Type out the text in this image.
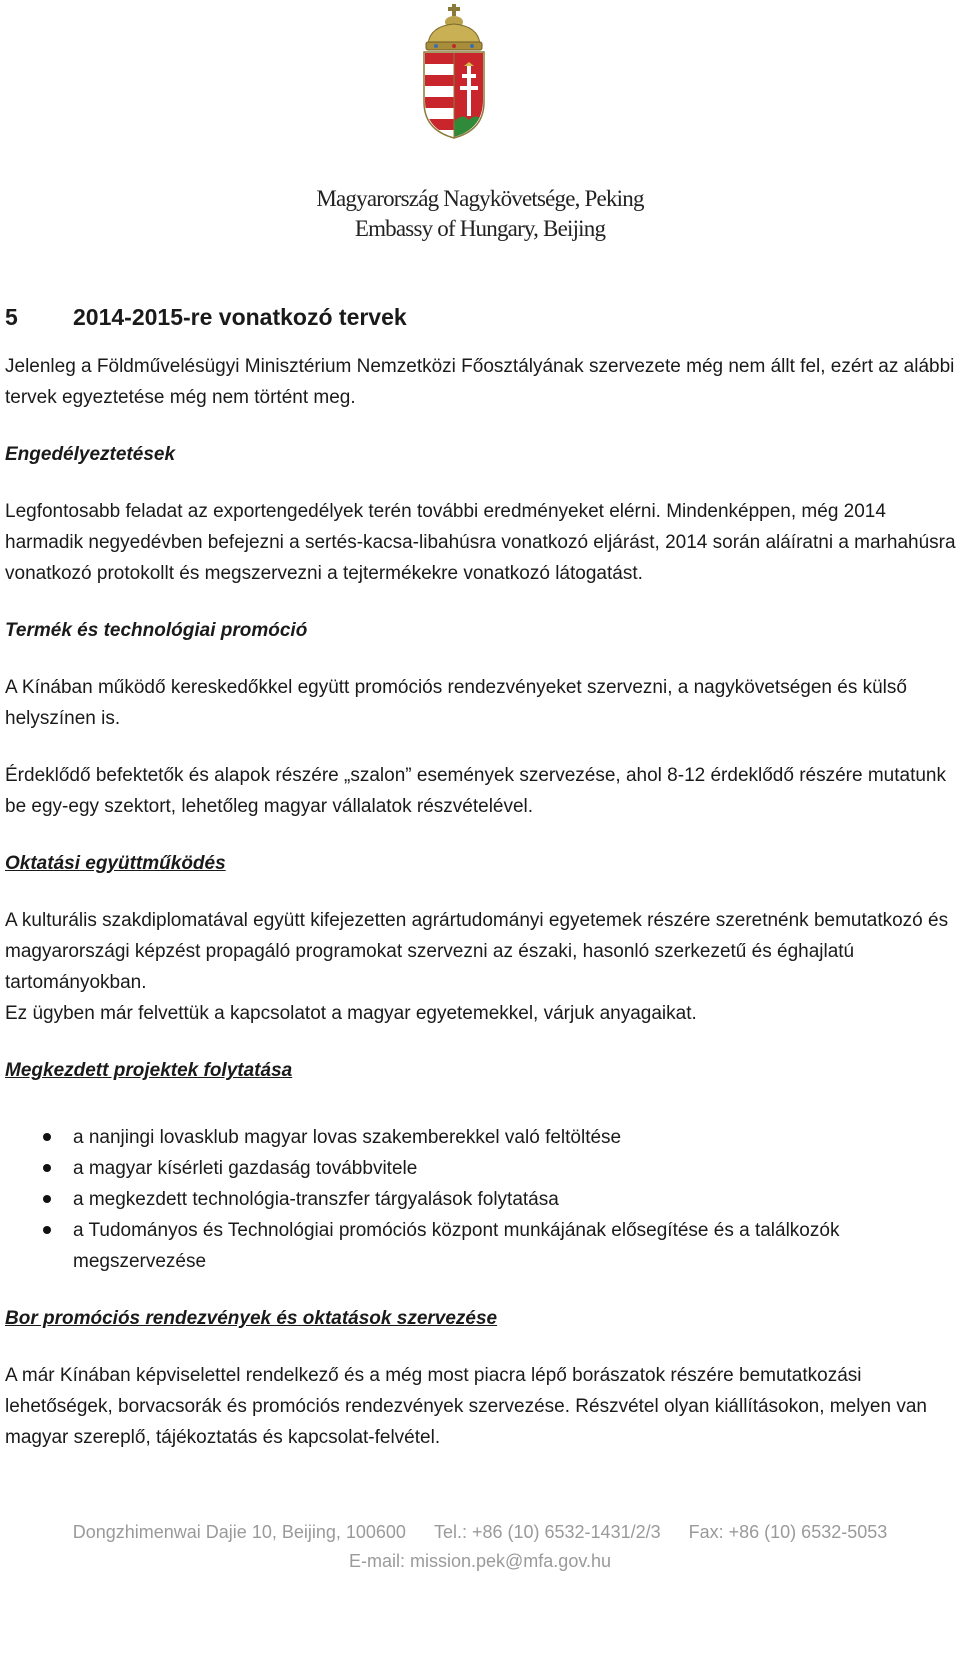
Magyarország Nagykövetsége, Peking
Embassy of Hungary, Beijing
5	2014-2015-re vonatkozó tervek

Jelenleg a Földművelésügyi Minisztérium Nemzetközi Főosztályának szervezete még nem állt fel, ezért az alábbi tervek egyeztetése még nem történt meg.

Engedélyeztetések

Legfontosabb feladat az exportengedélyek terén további eredményeket elérni. Mindenképpen, még 2014 harmadik negyedévben befejezni a sertés-kacsa-libahúsra vonatkozó eljárást, 2014 során aláíratni a marhahúsra vonatkozó protokollt és megszervezni a tejtermékekre vonatkozó látogatást.

Termék és technológiai promóció

A Kínában működő kereskedőkkel együtt promóciós rendezvényeket szervezni, a nagykövetségen és külső helyszínen is.

Érdeklődő befektetők és alapok részére „szalon” események szervezése, ahol 8-12 érdeklődő részére mutatunk be egy-egy szektort, lehetőleg magyar vállalatok részvételével.

Oktatási együttműködés

A kulturális szakdiplomatával együtt kifejezetten agrártudományi egyetemek részére szeretnénk bemutatkozó és magyarországi képzést propagáló programokat szervezni az északi, hasonló szerkezetű és éghajlatú tartományokban.

Ez ügyben már felvettük a kapcsolatot a magyar egyetemekkel, várjuk anyagaikat.

Megkezdett projektek folytatása
a nanjingi lovasklub magyar lovas szakemberekkel való feltöltése
a magyar kísérleti gazdaság továbbvitele
a megkezdett technológia-transzfer tárgyalások folytatása
a Tudományos és Technológiai promóciós központ munkájának elősegítése és a találkozók megszervezése
Bor promóciós rendezvények és oktatások szervezése

A már Kínában képviselettel rendelkező és a még most piacra lépő borászatok részére bemutatkozási lehetőségek, borvacsorák és promóciós rendezvények szervezése. Részvétel olyan kiállításokon, melyen van magyar szereplő, tájékoztatás és kapcsolat-felvétel.

Dongzhimenwai Dajie 10, Beijing, 100600 Tel.: +86 (10) 6532-1431/2/3 Fax: +86 (10) 6532-5053
E-mail: mission.pek@mfa.gov.hu
